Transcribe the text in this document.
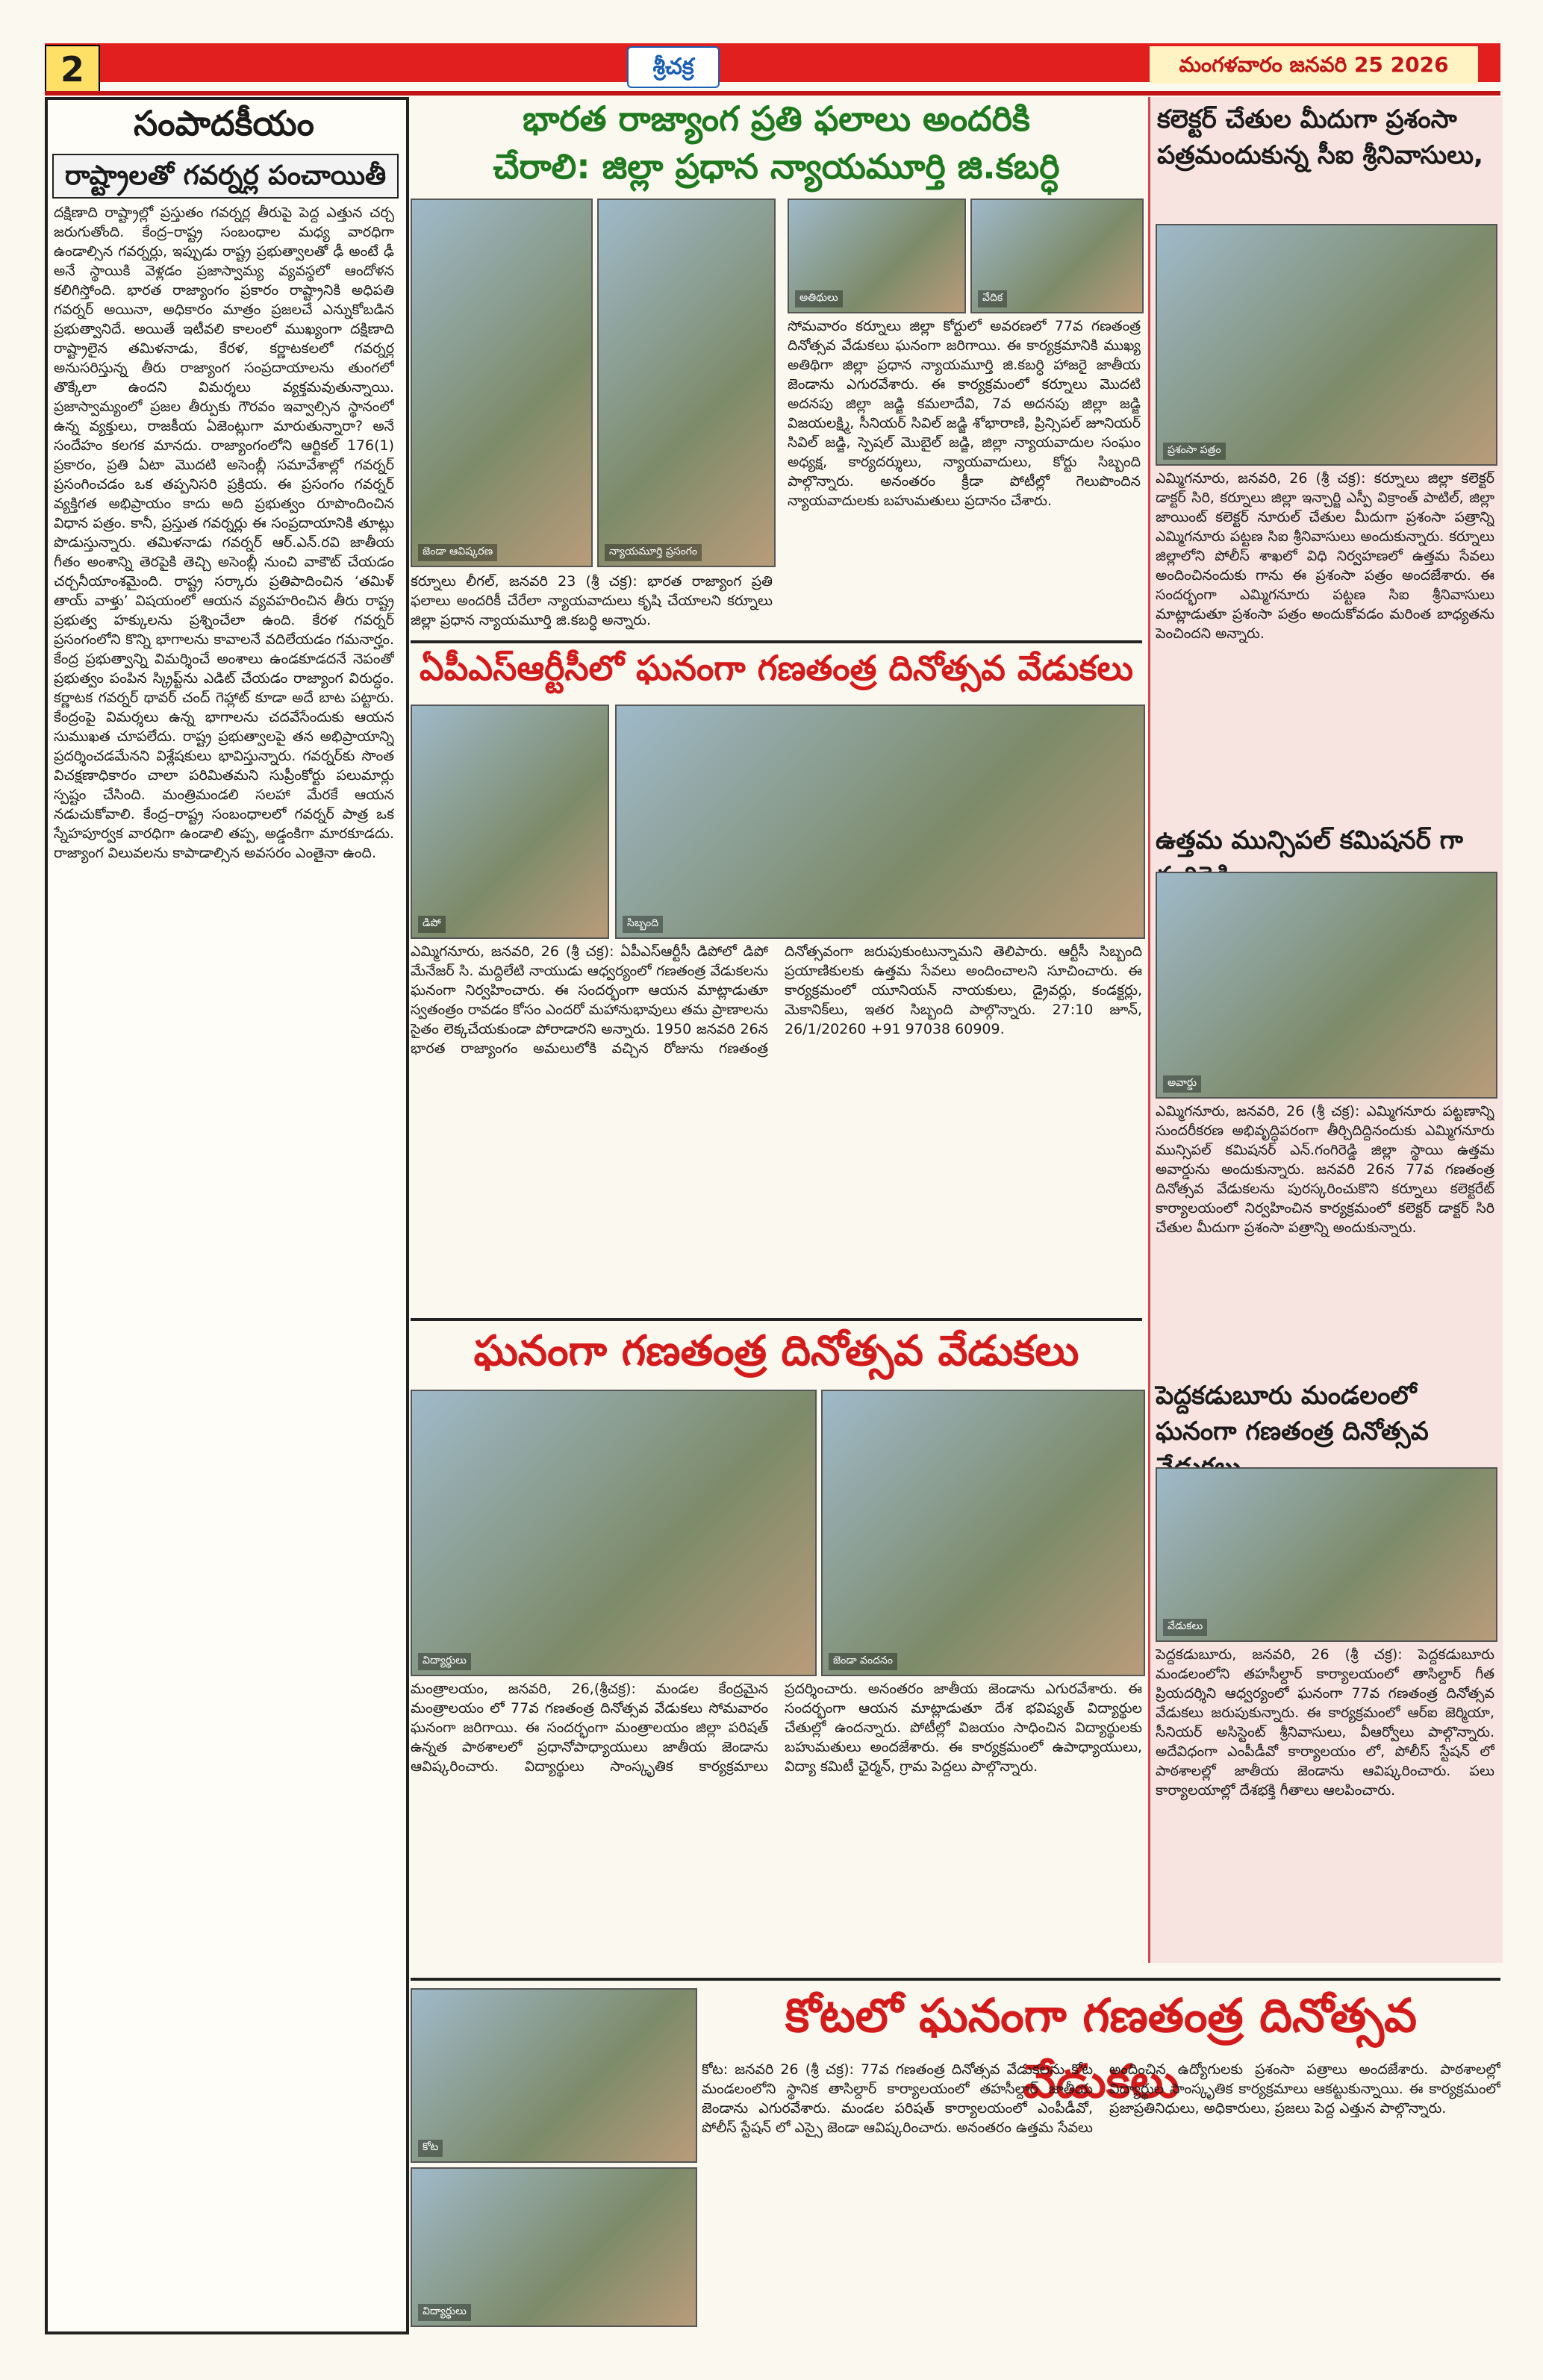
2	శ్రీచక్ర	మంగళవారం జనవరి 25 2026
సంపాదకీయం
రాష్ట్రాలతో గవర్నర్ల పంచాయితీ
దక్షిణాది రాష్ట్రాల్లో ప్రస్తుతం గవర్నర్ల తీరుపై పెద్ద ఎత్తున చర్చ జరుగుతోంది. కేంద్ర–రాష్ట్ర సంబంధాల మధ్య వారధిగా ఉండాల్సిన గవర్నర్లు, ఇప్పుడు రాష్ట్ర ప్రభుత్వాలతో ఢీ అంటే ఢీ అనే స్థాయికి వెళ్లడం ప్రజాస్వామ్య వ్యవస్థలో ఆందోళన కలిగిస్తోంది. భారత రాజ్యాంగం ప్రకారం రాష్ట్రానికి అధిపతి గవర్నర్ అయినా, అధికారం మాత్రం ప్రజలచే ఎన్నుకోబడిన ప్రభుత్వానిదే. అయితే ఇటీవలి కాలంలో ముఖ్యంగా దక్షిణాది రాష్ట్రాలైన తమిళనాడు, కేరళ, కర్ణాటకలలో గవర్నర్ల అనుసరిస్తున్న తీరు రాజ్యాంగ సంప్రదాయాలను తుంగలో తొక్కేలా ఉందని విమర్శలు వ్యక్తమవుతున్నాయి. ప్రజాస్వామ్యంలో ప్రజల తీర్పుకు గౌరవం ఇవ్వాల్సిన స్థానంలో ఉన్న వ్యక్తులు, రాజకీయ ఏజెంట్లుగా మారుతున్నారా? అనే సందేహం కలగక మానదు. రాజ్యాంగంలోని ఆర్టికల్ 176(1) ప్రకారం, ప్రతి ఏటా మొదటి అసెంబ్లీ సమావేశాల్లో గవర్నర్ ప్రసంగించడం ఒక తప్పనిసరి ప్రక్రియ. ఈ ప్రసంగం గవర్నర్ వ్యక్తిగత అభిప్రాయం కాదు అది ప్రభుత్వం రూపొందించిన విధాన పత్రం. కానీ, ప్రస్తుత గవర్నర్లు ఈ సంప్రదాయానికి తూట్లు పొడుస్తున్నారు. తమిళనాడు గవర్నర్ ఆర్.ఎన్.రవి జాతీయ గీతం అంశాన్ని తెరపైకి తెచ్చి అసెంబ్లీ నుంచి వాకౌట్ చేయడం చర్చనీయాంశమైంది. రాష్ట్ర సర్కారు ప్రతిపాదించిన ‘తమిళ్ తాయ్ వాళ్తు’ విషయంలో ఆయన వ్యవహరించిన తీరు రాష్ట్ర ప్రభుత్వ హక్కులను ప్రశ్నించేలా ఉంది. కేరళ గవర్నర్ ప్రసంగంలోని కొన్ని భాగాలను కావాలనే వదిలేయడం గమనార్హం. కేంద్ర ప్రభుత్వాన్ని విమర్శించే అంశాలు ఉండకూడదనే నెపంతో ప్రభుత్వం పంపిన స్క్రిప్ట్‌ను ఎడిట్ చేయడం రాజ్యాంగ విరుద్ధం. కర్ణాటక గవర్నర్ థావర్ చంద్ గెహ్లాట్ కూడా అదే బాట పట్టారు. కేంద్రంపై విమర్శలు ఉన్న భాగాలను చదవేసేందుకు ఆయన సుముఖత చూపలేదు. రాష్ట్ర ప్రభుత్వాలపై తన అభిప్రాయాన్ని ప్రదర్శించడమేనని విశ్లేషకులు భావిస్తున్నారు. గవర్నర్‌కు సొంత విచక్షణాధికారం చాలా పరిమితమని సుప్రీంకోర్టు పలుమార్లు స్పష్టం చేసింది. మంత్రిమండలి సలహా మేరకే ఆయన నడుచుకోవాలి. కేంద్ర–రాష్ట్ర సంబంధాలలో గవర్నర్ పాత్ర ఒక స్నేహపూర్వక వారధిగా ఉండాలి తప్ప, అడ్డంకిగా మారకూడదు. రాజ్యాంగ విలువలను కాపాడాల్సిన అవసరం ఎంతైనా ఉంది.
భారత రాజ్యాంగ ప్రతి ఫలాలు అందరికి
చేరాలి: జిల్లా ప్రధాన న్యాయమూర్తి జి.కబర్ధి
జెండా ఆవిష్కరణ	న్యాయమూర్తి ప్రసంగం
అతిథులు	వేదిక
కర్నూలు లీగల్, జనవరి 23 (శ్రీ చక్ర): భారత రాజ్యాంగ ప్రతి ఫలాలు అందరికీ చేరేలా న్యాయవాదులు కృషి చేయాలని కర్నూలు జిల్లా ప్రధాన న్యాయమూర్తి జి.కబర్ధి అన్నారు.
సోమవారం కర్నూలు జిల్లా కోర్టులో అవరణలో 77వ గణతంత్ర దినోత్సవ వేడుకలు ఘనంగా జరిగాయి. ఈ కార్యక్రమానికి ముఖ్య అతిథిగా జిల్లా ప్రధాన న్యాయమూర్తి జి.కబర్ధి హాజరై జాతీయ జెండాను ఎగురవేశారు. ఈ కార్యక్రమంలో కర్నూలు మొదటి అదనపు జిల్లా జడ్జి కమలాదేవి, 7వ అదనపు జిల్లా జడ్జి విజయలక్ష్మి, సీనియర్ సివిల్ జడ్జి శోభారాణి, ప్రిన్సిపల్ జూనియర్ సివిల్ జడ్జి, స్పెషల్ మొబైల్ జడ్జి, జిల్లా న్యాయవాదుల సంఘం అధ్యక్ష, కార్యదర్శులు, న్యాయవాదులు, కోర్టు సిబ్బంది పాల్గొన్నారు. అనంతరం క్రీడా పోటీల్లో గెలుపొందిన న్యాయవాదులకు బహుమతులు ప్రదానం చేశారు.
ఏపీఎస్ఆర్టీసీలో ఘనంగా గణతంత్ర దినోత్సవ వేడుకలు
డిపో	సిబ్బంది
ఎమ్మిగనూరు, జనవరి, 26 (శ్రీ చక్ర): ఏపీఎస్ఆర్టీసీ డిపోలో డిపో మేనేజర్ సి. మద్దిలేటి నాయుడు ఆధ్వర్యంలో గణతంత్ర వేడుకలను ఘనంగా నిర్వహించారు. ఈ సందర్భంగా ఆయన మాట్లాడుతూ స్వతంత్రం రావడం కోసం ఎందరో మహానుభావులు తమ ప్రాణాలను సైతం లెక్కచేయకుండా పోరాడారని అన్నారు. 1950 జనవరి 26న భారత రాజ్యాంగం అమలులోకి వచ్చిన రోజును గణతంత్ర దినోత్సవంగా జరుపుకుంటున్నామని తెలిపారు. ఆర్టీసీ సిబ్బంది ప్రయాణికులకు ఉత్తమ సేవలు అందించాలని సూచించారు. ఈ కార్యక్రమంలో యూనియన్ నాయకులు, డ్రైవర్లు, కండక్టర్లు, మెకానిక్‌లు, ఇతర సిబ్బంది పాల్గొన్నారు. 27:10 జూన్, 26/1/20260 +91 97038 60909.
ఘనంగా గణతంత్ర దినోత్సవ వేడుకలు
విద్యార్థులు	జెండా వందనం
మంత్రాలయం, జనవరి, 26,(శ్రీచక్ర): మండల కేంద్రమైన మంత్రాలయం లో 77వ గణతంత్ర దినోత్సవ వేడుకలు సోమవారం ఘనంగా జరిగాయి. ఈ సందర్భంగా మంత్రాలయం జిల్లా పరిషత్ ఉన్నత పాఠశాలలో ప్రధానోపాధ్యాయులు జాతీయ జెండాను ఆవిష్కరించారు. విద్యార్థులు సాంస్కృతిక కార్యక్రమాలు ప్రదర్శించారు. అనంతరం జాతీయ జెండాను ఎగురవేశారు. ఈ సందర్భంగా ఆయన మాట్లాడుతూ దేశ భవిష్యత్ విద్యార్థుల చేతుల్లో ఉందన్నారు. పోటీల్లో విజయం సాధించిన విద్యార్థులకు బహుమతులు అందజేశారు. ఈ కార్యక్రమంలో ఉపాధ్యాయులు, విద్యా కమిటీ ఛైర్మన్, గ్రామ పెద్దలు పాల్గొన్నారు.
కలెక్టర్ చేతుల మీదుగా ప్రశంసా పత్రమందుకున్న సీఐ శ్రీనివాసులు,
ప్రశంసా పత్రం
ఎమ్మిగనూరు, జనవరి, 26 (శ్రీ చక్ర): కర్నూలు జిల్లా కలెక్టర్ డాక్టర్ సిరి, కర్నూలు జిల్లా ఇన్చార్జి ఎస్పీ విక్రాంత్ పాటిల్, జిల్లా జాయింట్ కలెక్టర్ నూరుల్ చేతుల మీదుగా ప్రశంసా పత్రాన్ని ఎమ్మిగనూరు పట్టణ సిఐ శ్రీనివాసులు అందుకున్నారు. కర్నూలు జిల్లాలోని పోలీస్ శాఖలో విధి నిర్వహణలో ఉత్తమ సేవలు అందించినందుకు గాను ఈ ప్రశంసా పత్రం అందజేశారు. ఈ సందర్భంగా ఎమ్మిగనూరు పట్టణ సిఐ శ్రీనివాసులు మాట్లాడుతూ ప్రశంసా పత్రం అందుకోవడం మరింత బాధ్యతను పెంచిందని అన్నారు.
ఉత్తమ మున్సిపల్ కమిషనర్ గా
అవార్డు
ఎమ్మిగనూరు, జనవరి, 26 (శ్రీ చక్ర): ఎమ్మిగనూరు పట్టణాన్ని సుందరీకరణ అభివృద్ధిపరంగా తీర్చిదిద్దినందుకు ఎమ్మిగనూరు మున్సిపల్ కమిషనర్ ఎన్.గంగిరెడ్డి జిల్లా స్థాయి ఉత్తమ అవార్డును అందుకున్నారు. జనవరి 26న 77వ గణతంత్ర దినోత్సవ వేడుకలను పురస్కరించుకొని కర్నూలు కలెక్టరేట్ కార్యాలయంలో నిర్వహించిన కార్యక్రమంలో కలెక్టర్ డాక్టర్ సిరి చేతుల మీదుగా ప్రశంసా పత్రాన్ని అందుకున్నారు.
పెద్దకడుబూరు మండలంలో ఘనంగా గణతంత్ర దినోత్సవ
వేడుకలు
పెద్దకడుబూరు, జనవరి, 26 (శ్రీ చక్ర): పెద్దకడుబూరు మండలంలోని తహసీల్దార్ కార్యాలయంలో తాసిల్దార్ గీత ప్రియదర్శిని ఆధ్వర్యంలో ఘనంగా 77వ గణతంత్ర దినోత్సవ వేడుకలు జరుపుకున్నారు. ఈ కార్యక్రమంలో ఆర్ఐ జెర్మియా, సీనియర్ అసిస్టెంట్ శ్రీనివాసులు, వీఆర్వోలు పాల్గొన్నారు. అదేవిధంగా ఎంపీడీవో కార్యాలయం లో, పోలీస్ స్టేషన్ లో పాఠశాలల్లో జాతీయ జెండాను ఆవిష్కరించారు. పలు కార్యాలయాల్లో దేశభక్తి గీతాలు ఆలపించారు.
కోట
విద్యార్థులు
కోటలో ఘనంగా గణతంత్ర దినోత్సవ వేడుకలు
కోట: జనవరి 26 (శ్రీ చక్ర): 77వ గణతంత్ర దినోత్సవ వేడుకలను కోట మండలంలోని స్థానిక తాసిల్దార్ కార్యాలయంలో తహసీల్దార్ జాతీయ జెండాను ఎగురవేశారు. మండల పరిషత్ కార్యాలయంలో ఎంపీడీవో, పోలీస్ స్టేషన్ లో ఎస్సై జెండా ఆవిష్కరించారు. అనంతరం ఉత్తమ సేవలు అందించిన ఉద్యోగులకు ప్రశంసా పత్రాలు అందజేశారు. పాఠశాలల్లో విద్యార్థుల సాంస్కృతిక కార్యక్రమాలు ఆకట్టుకున్నాయి. ఈ కార్యక్రమంలో ప్రజాప్రతినిధులు, అధికారులు, ప్రజలు పెద్ద ఎత్తున పాల్గొన్నారు.
